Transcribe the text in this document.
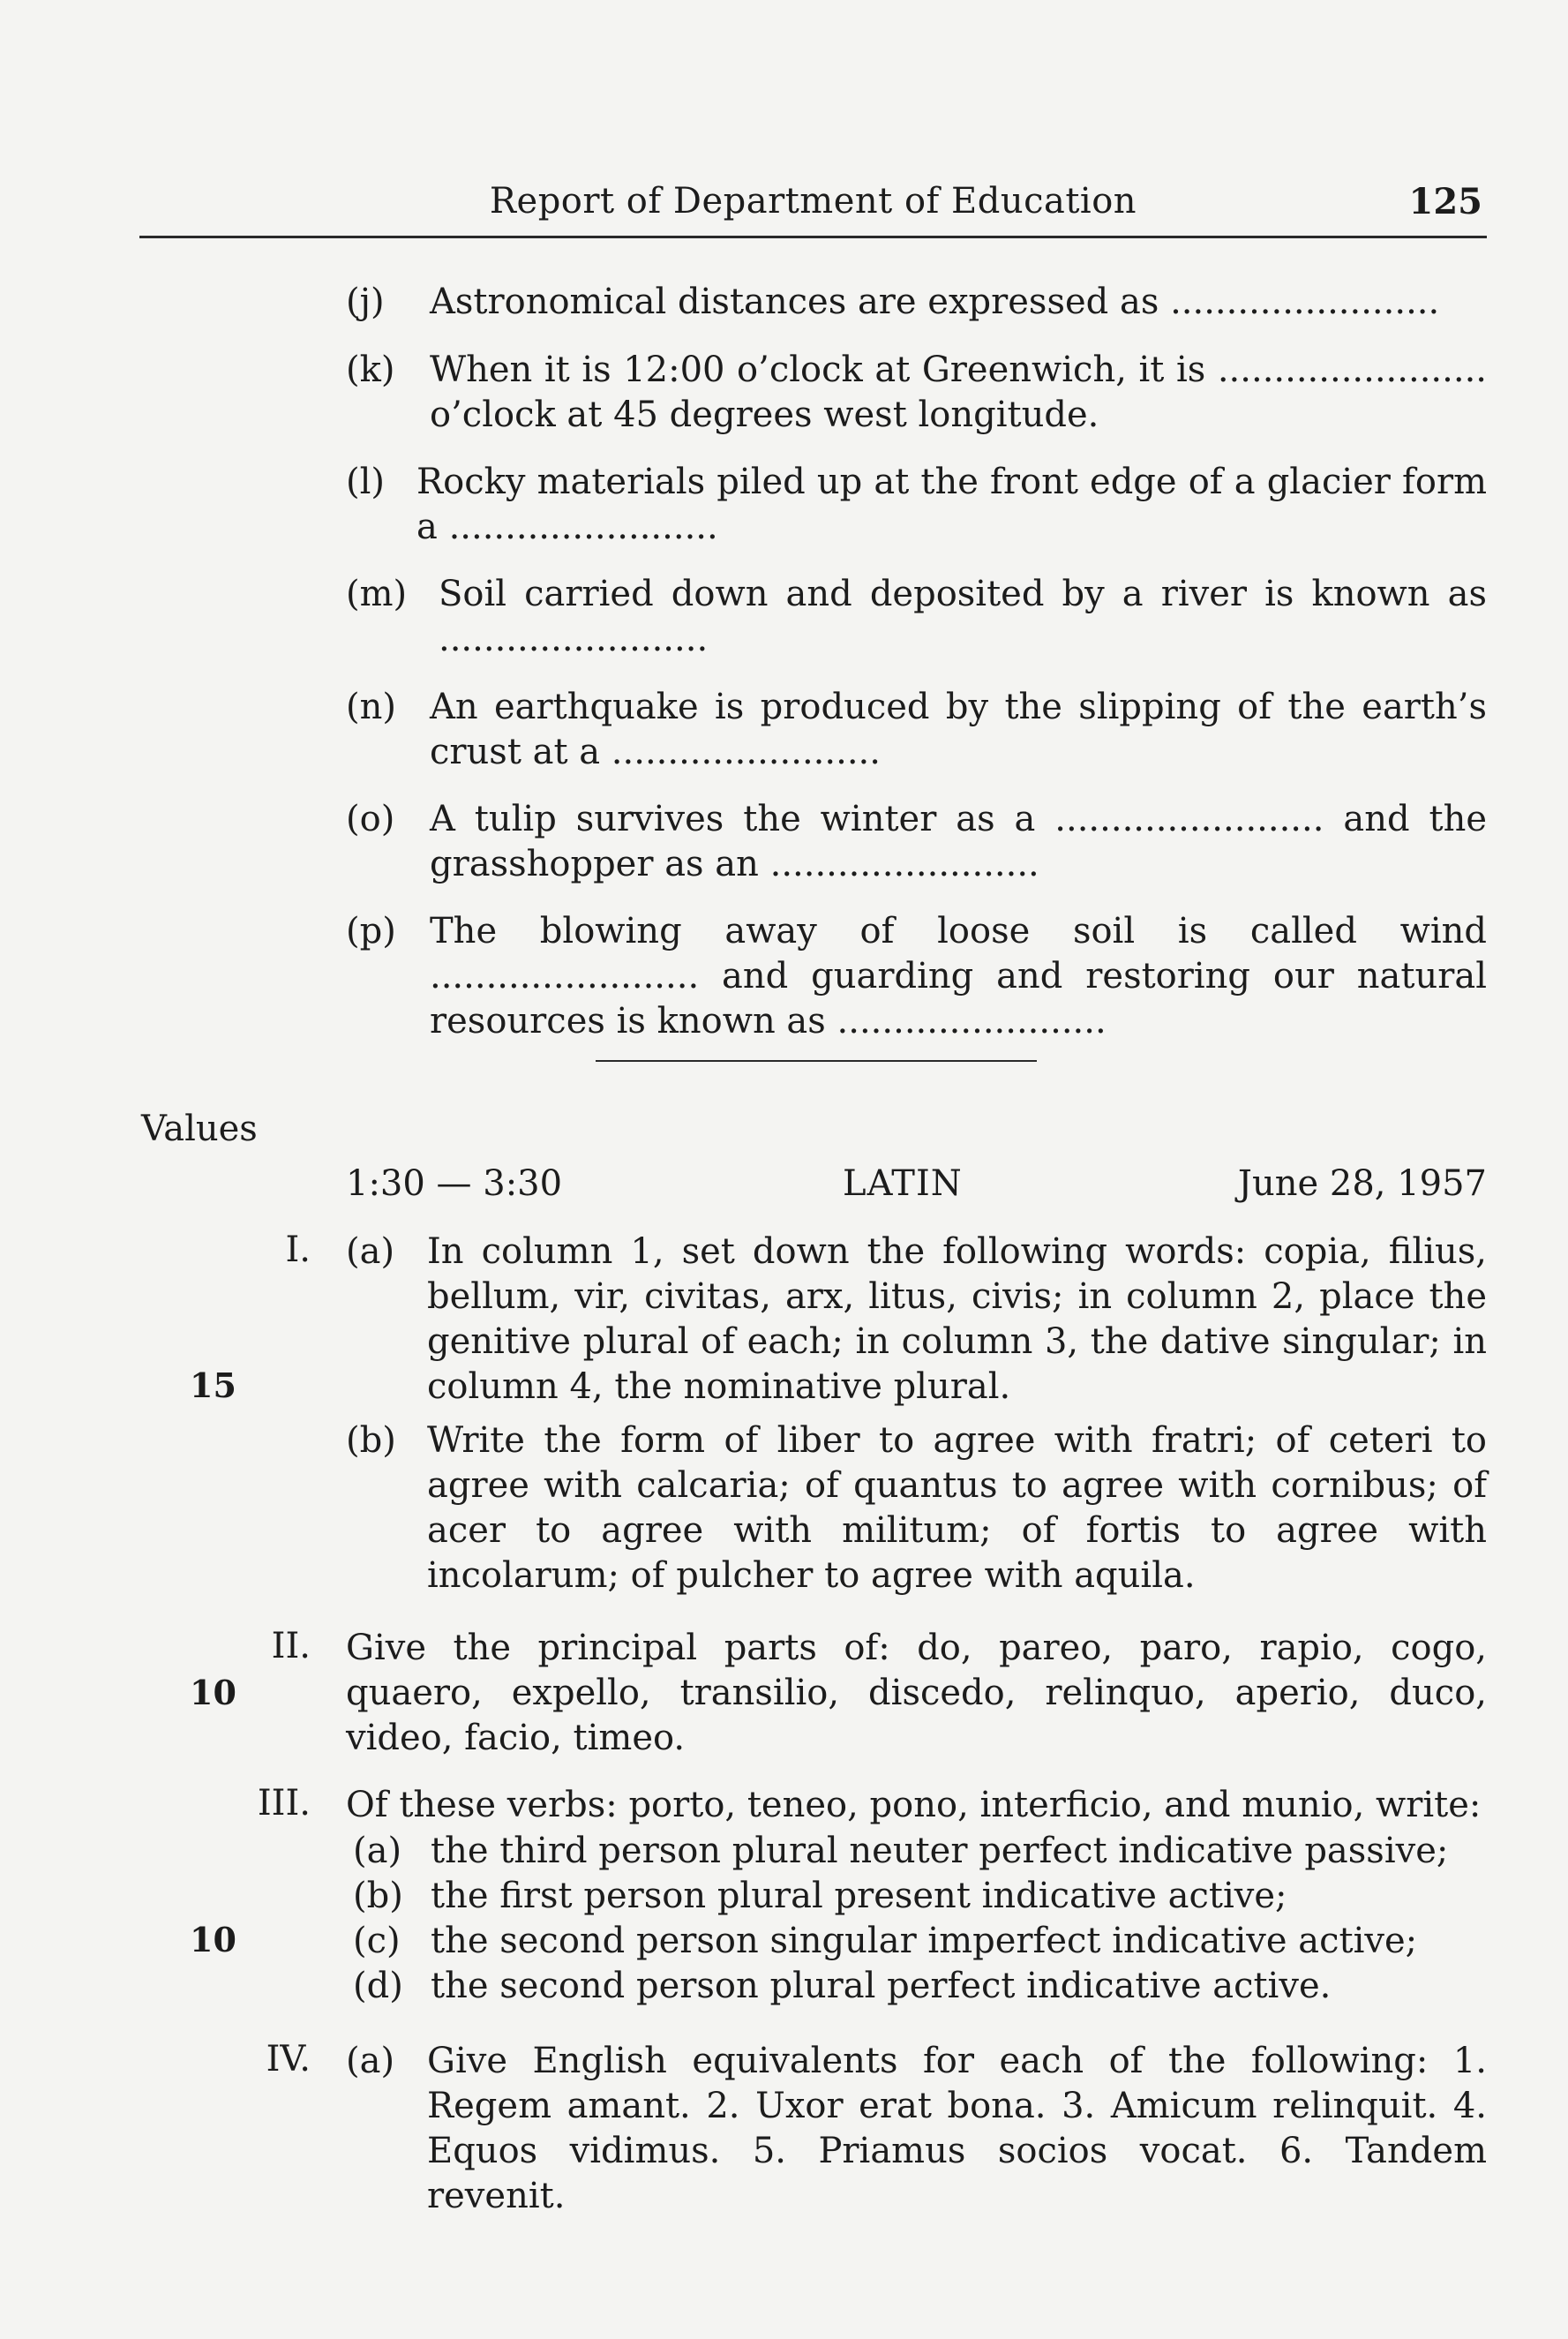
Report of Department of Education	125
(j) Astronomical distances are expressed as ........................
(k) When it is 12:00 o’clock at Greenwich, it is ........................ o’clock at 45 degrees west longitude.
(l) Rocky materials piled up at the front edge of a glacier form a ........................
(m) Soil carried down and deposited by a river is known as ........................
(n) An earthquake is produced by the slipping of the earth’s crust at a ........................
(o) A tulip survives the winter as a ........................ and the grasshopper as an ........................
(p) The blowing away of loose soil is called wind ........................ and guarding and restoring our natural resources is known as ........................
Values
1:30 — 3:30	LATIN	June 28, 1957
I.
15
(a) In column 1, set down the following words: copia, filius, bellum, vir, civitas, arx, litus, civis; in column 2, place the genitive plural of each; in column 3, the dative singular; in column 4, the nominative plural.
(b) Write the form of liber to agree with fratri; of ceteri to agree with calcaria; of quantus to agree with cornibus; of acer to agree with militum; of fortis to agree with incolarum; of pulcher to agree with aquila.
II.
10
Give the principal parts of: do, pareo, paro, rapio, cogo, quaero, expello, transilio, discedo, relinquo, aperio, duco, video, facio, timeo.
III.
10
Of these verbs: porto, teneo, pono, interficio, and munio, write:
(a) the third person plural neuter perfect indicative passive;
(b) the first person plural present indicative active;
(c) the second person singular imperfect indicative active;
(d) the second person plural perfect indicative active.
IV. (a) Give English equivalents for each of the following: 1. Regem amant. 2. Uxor erat bona. 3. Amicum relinquit. 4. Equos vidimus. 5. Priamus socios vocat. 6. Tandem revenit.
